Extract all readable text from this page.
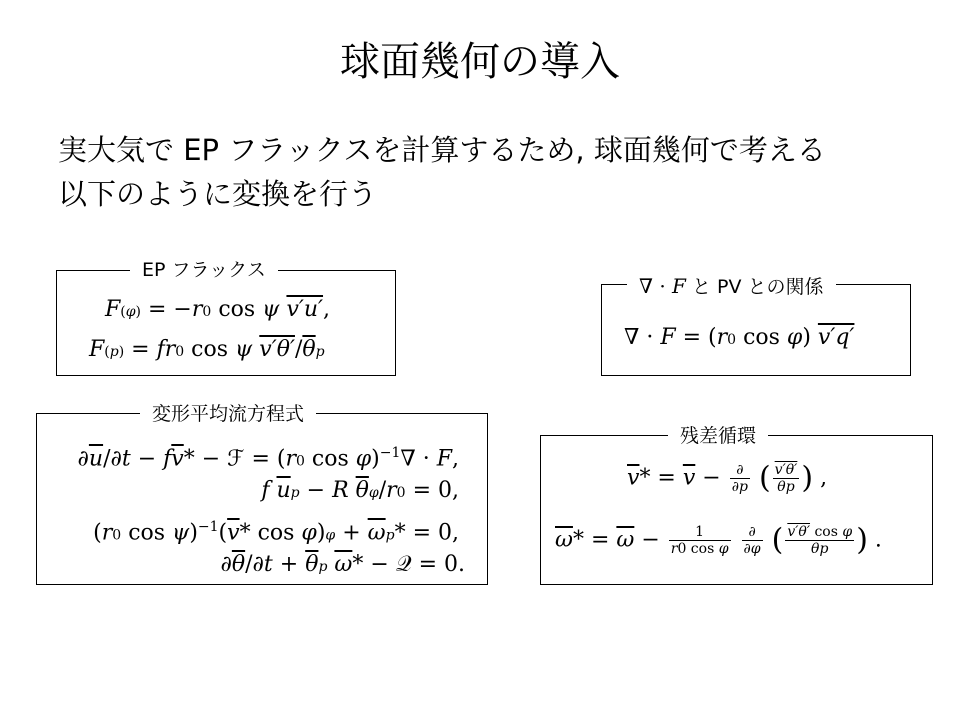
球面幾何の導入
実大気で EP フラックスを計算するため, 球面幾何で考える
以下のように変換を行う
F(φ) = −r0 cos ψ v′u′,
F(p) = fr0 cos ψ $v'\theta'/\overline{\theta}p$
EP フラックス
∇ · F = (r0 cos φ) v′q′
∇ · F と PV との関係
$\partial\overline{u}/\partial t - f\overline{v}*$ − ℱ = (r0 cos φ)$^{-1}$∇ · F,
f $\overline{u}p - R$ $\overline{\theta}\varphi/r0 = 0$,
(r0 $\cos \psi)^{-1}(\overline{v}*$ $\cos \varphi)\varphi + \overline{\omega}p* = 0$,
$\partial\overline{\theta}/\partial t + \overline{\theta}p$ $\overline{\omega}*$ − 𝒬 = 0.
変形平均流方程式
$\overline{v}* = \overline{v} - \frac{\partial}{\partial p}$ ( $\frac{v'\theta'}{\overline{\theta}p}$ ) ,
$\overline{\omega}* = \overline{\omega} - \frac{1}{\text{r0 cos φ}}$
$\frac{\partial}{\partial\varphi}$ ( $\frac{\text{v′θ′ cos φ}}{\overline{\theta}p}$ ) .
残差循環
